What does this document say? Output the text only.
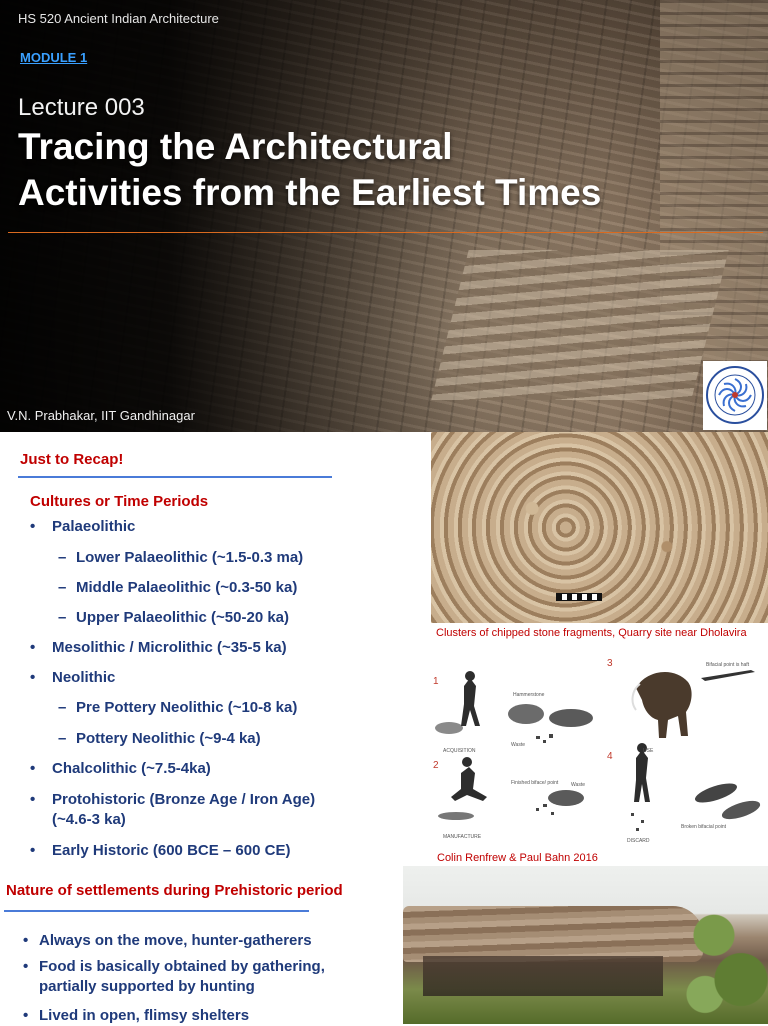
HS 520 Ancient Indian Architecture
MODULE 1
Lecture 003
Tracing the Architectural
Activities from the Earliest Times
V.N. Prabhakar, IIT Gandhinagar
Just to Recap!
Cultures or Time Periods
• Palaeolithic
– Lower Palaeolithic (~1.5-0.3 ma)
– Middle Palaeolithic (~0.3-50 ka)
– Upper Palaeolithic (~50-20 ka)
• Mesolithic / Microlithic (~35-5 ka)
• Neolithic
– Pre Pottery Neolithic (~10-8 ka)
– Pottery Neolithic (~9-4 ka)
• Chalcolithic (~7.5-4ka)
• Protohistoric (Bronze Age / Iron Age)
(~4.6-3 ka)
• Early Historic (600 BCE – 600 CE)
Clusters of chipped stone fragments, Quarry site near Dholavira
1
2
3
4
Hammerstone
Waste
ACQUISITION
Finished biface/ point	Waste
MANUFACTURE
Bifacial point is haft
USE
Broken bifacial point
DISCARD
Colin Renfrew & Paul Bahn 2016
Nature of settlements during Prehistoric period
• Always on the move, hunter-gatherers
• Food is basically obtained by gathering,
partially supported by hunting
• Lived in open, flimsy shelters
